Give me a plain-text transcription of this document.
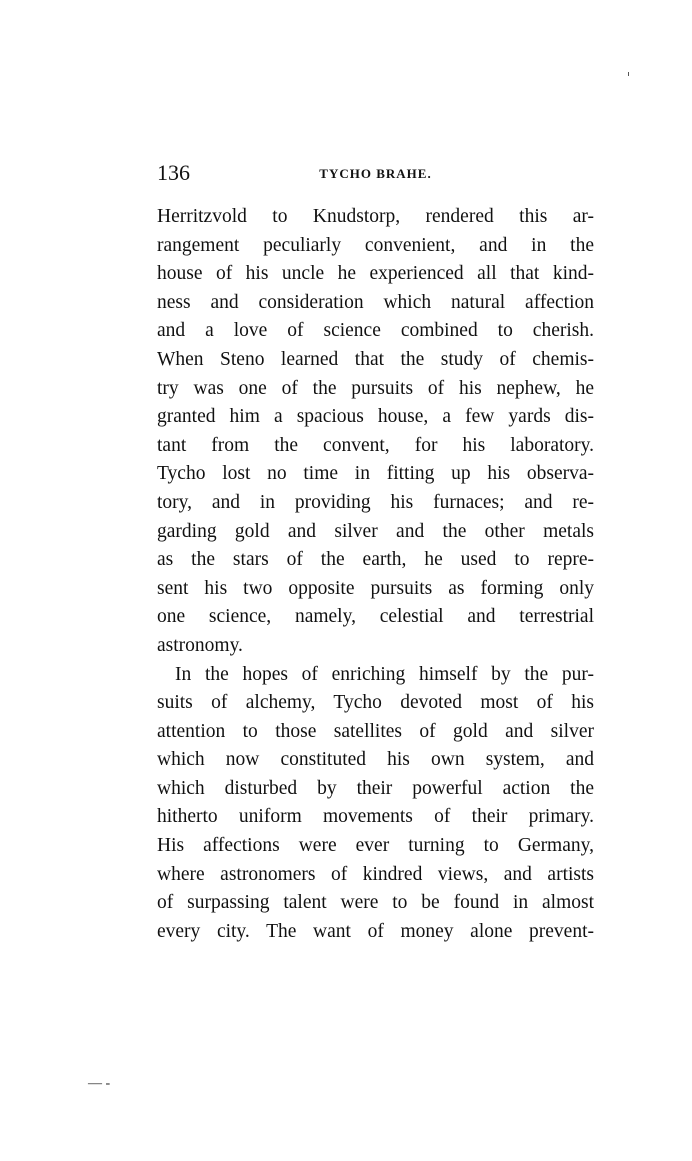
136	TYCHO BRAHE.
Herritzvold to Knudstorp, rendered this ar-
rangement peculiarly convenient, and in the
house of his uncle he experienced all that kind-
ness and consideration which natural affection
and a love of science combined to cherish.
When Steno learned that the study of chemis-
try was one of the pursuits of his nephew, he
granted him a spacious house, a few yards dis-
tant from the convent, for his laboratory.
Tycho lost no time in fitting up his observa-
tory, and in providing his furnaces; and re-
garding gold and silver and the other metals
as the stars of the earth, he used to repre-
sent his two opposite pursuits as forming only
one science, namely, celestial and terrestrial
astronomy.
In the hopes of enriching himself by the pur-
suits of alchemy, Tycho devoted most of his
attention to those satellites of gold and silver
which now constituted his own system, and
which disturbed by their powerful action the
hitherto uniform movements of their primary.
His affections were ever turning to Germany,
where astronomers of kindred views, and artists
of surpassing talent were to be found in almost
every city. The want of money alone prevent-
— ‑
